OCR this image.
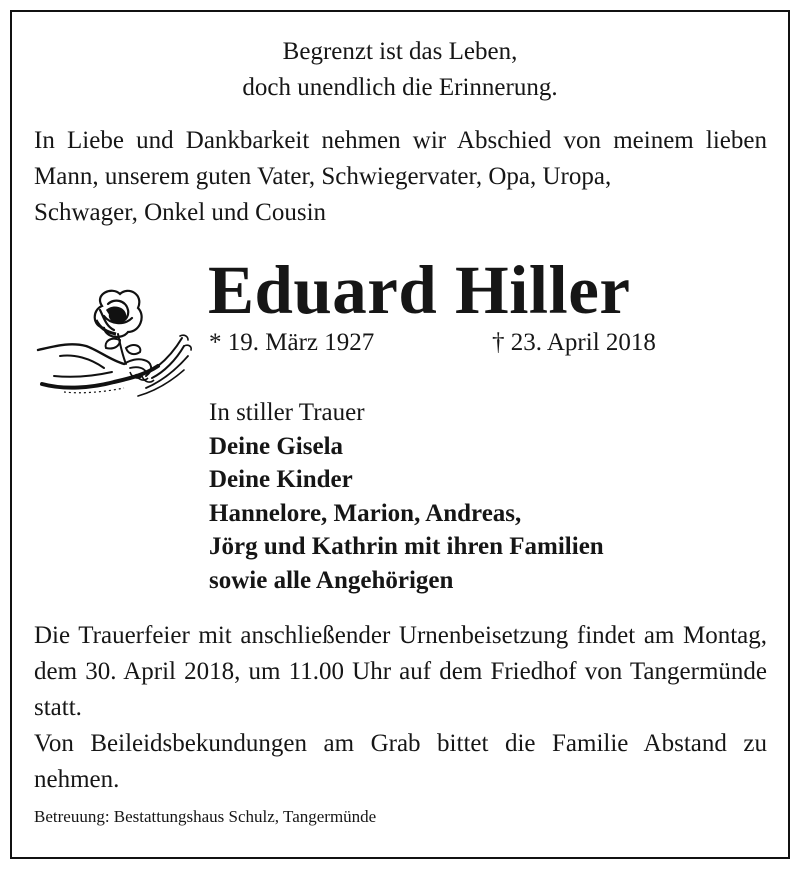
Begrenzt ist das Leben,
doch unendlich die Erinnerung.
In Liebe und Dankbarkeit nehmen wir Abschied von meinem lieben Mann, unserem guten Vater, Schwiegervater, Opa, Uropa,
Schwager, Onkel und Cousin
Eduard Hiller
* 19. März 1927	† 23. April 2018
In stiller Trauer
Deine Gisela
Deine Kinder
Hannelore, Marion, Andreas,
Jörg und Kathrin mit ihren Familien
sowie alle Angehörigen

Die Trauerfeier mit anschließender Urnenbeisetzung findet am Montag, dem 30. April 2018, um 11.00 Uhr auf dem Friedhof von Tangermünde statt.

Von Beileidsbekundungen am Grab bittet die Familie Abstand zu nehmen.

Betreuung: Bestattungshaus Schulz, Tangermünde
